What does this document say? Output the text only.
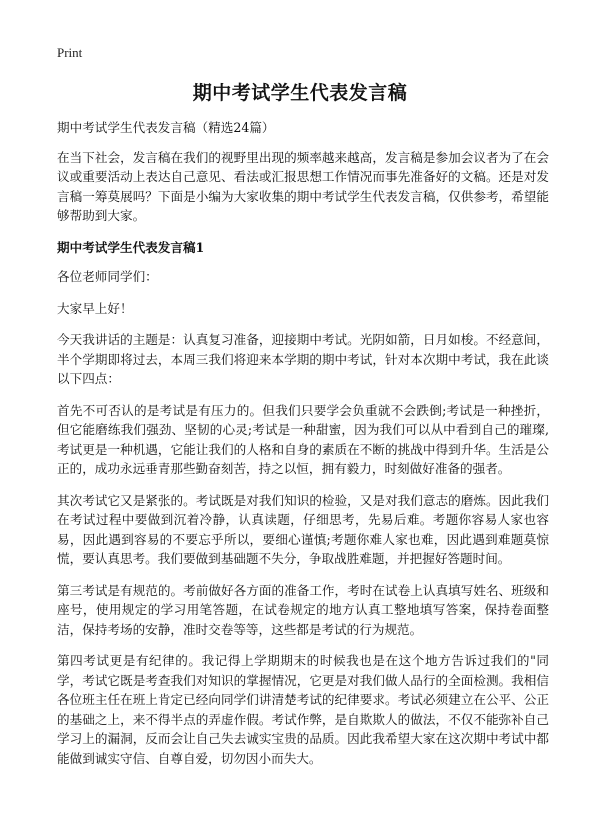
Print
期中考试学生代表发言稿

期中考试学生代表发言稿（精选24篇）

在当下社会，发言稿在我们的视野里出现的频率越来越高，发言稿是参加会议者为了在会议或重要活动上表达自己意见、看法或汇报思想工作情况而事先准备好的文稿。还是对发言稿一筹莫展吗？下面是小编为大家收集的期中考试学生代表发言稿，仅供参考，希望能够帮助到大家。

期中考试学生代表发言稿1

各位老师同学们：

大家早上好！

今天我讲话的主题是：认真复习准备，迎接期中考试。光阴如箭，日月如梭。不经意间，半个学期即将过去，本周三我们将迎来本学期的期中考试，针对本次期中考试，我在此谈以下四点：

首先不可否认的是考试是有压力的。但我们只要学会负重就不会跌倒;考试是一种挫折，但它能磨练我们强劲、坚韧的心灵;考试是一种甜蜜，因为我们可以从中看到自己的璀璨,考试更是一种机遇，它能让我们的人格和自身的素质在不断的挑战中得到升华。生活是公正的，成功永远垂青那些勤奋刻苦，持之以恒，拥有毅力，时刻做好准备的强者。

其次考试它又是紧张的。考试既是对我们知识的检验，又是对我们意志的磨炼。因此我们在考试过程中要做到沉着冷静，认真读题，仔细思考，先易后难。考题你容易人家也容易，因此遇到容易的不要忘乎所以，要细心谨慎;考题你难人家也难，因此遇到难题莫惊慌，要认真思考。我们要做到基础题不失分，争取战胜难题，并把握好答题时间。

第三考试是有规范的。考前做好各方面的准备工作，考时在试卷上认真填写姓名、班级和座号，使用规定的学习用笔答题，在试卷规定的地方认真工整地填写答案，保持卷面整洁，保持考场的安静，准时交卷等等，这些都是考试的行为规范。

第四考试更是有纪律的。我记得上学期期末的时候我也是在这个地方告诉过我们的"同学，考试它既是考查我们对知识的掌握情况，它更是对我们做人品行的全面检测。我相信各位班主任在班上肯定已经向同学们讲清楚考试的纪律要求。考试必须建立在公平、公正的基础之上，来不得半点的弄虚作假。考试作弊，是自欺欺人的做法，不仅不能弥补自己学习上的漏洞，反而会让自己失去诚实宝贵的品质。因此我希望大家在这次期中考试中都能做到诚实守信、自尊自爱，切勿因小而失大。
